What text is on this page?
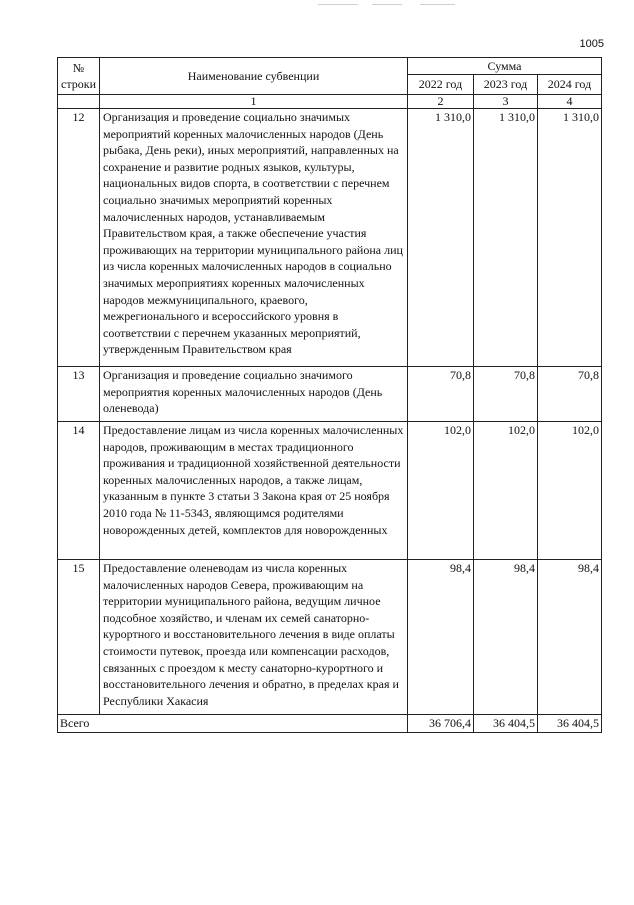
1005
№
строки	Наименование субвенции	Сумма		
		2022 год	2023 год	2024 год
	1	2	3	4
12	Организация и проведение социально значимых мероприятий коренных малочисленных народов (День рыбака, День реки), иных мероприятий, направленных на сохранение и развитие родных языков, культуры, национальных видов спорта, в соответствии с перечнем социально значимых мероприятий коренных малочисленных народов, устанавливаемым Правительством края, а также обеспечение участия проживающих на территории муниципального района лиц из числа коренных малочисленных народов в социально значимых мероприятиях коренных малочисленных народов межмуниципального, краевого, межрегионального и всероссийского уровня в соответствии с перечнем указанных мероприятий, утвержденным Правительством края	1 310,0	1 310,0	1 310,0
13	Организация и проведение социально значимого мероприятия коренных малочисленных народов (День оленевода)	70,8	70,8	70,8
14	Предоставление лицам из числа коренных малочисленных народов, проживающим в местах традиционного проживания и традиционной хозяйственной деятельности коренных малочисленных народов, а также лицам, указанным в пункте 3 статьи 3 Закона края от 25 ноября 2010 года № 11-5343, являющимся родителями новорожденных детей, комплектов для новорожденных	102,0	102,0	102,0
15	Предоставление оленеводам из числа коренных малочисленных народов Севера, проживающим на территории муниципального района, ведущим личное подсобное хозяйство, и членам их семей санаторно-курортного и восстановительного лечения в виде оплаты стоимости путевок, проезда или компенсации расходов, связанных с проездом к месту санаторно-курортного и восстановительного лечения и обратно, в пределах края и Республики Хакасия	98,4	98,4	98,4
Всего		36 706,4	36 404,5	36 404,5
